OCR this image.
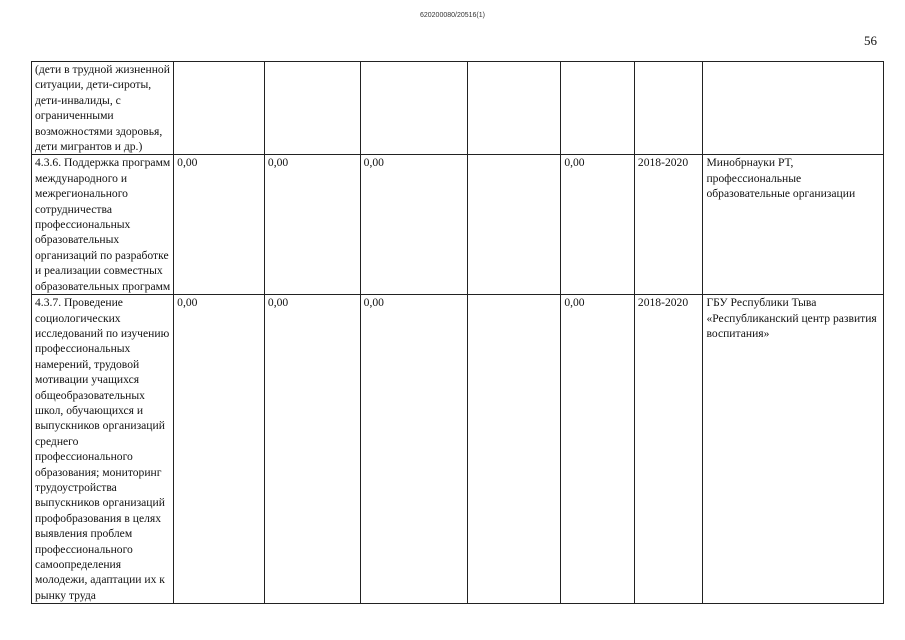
620200080/20516(1)
56
(дети в трудной жизненной ситуации, дети-сироты, дети-инвалиды, с ограниченными возможностями здоровья, дети мигрантов и др.)							
4.3.6. Поддержка программ международного и межрегионального сотрудничества профессиональных образовательных организаций по разработке и реализации совместных образовательных программ	0,00	0,00	0,00		0,00	2018-2020	Минобрнауки РТ, профессиональные образовательные организации
4.3.7. Проведение социологических исследований по изучению профессиональных намерений, трудовой мотивации учащихся общеобразовательных школ, обучающихся и выпускников организаций среднего профессионального образования; мониторинг трудоустройства выпускников организаций профобразования в целях выявления проблем профессионального самоопределения молодежи, адаптации их к рынку труда	0,00	0,00	0,00		0,00	2018-2020	ГБУ Республики Тыва «Республиканский центр развития воспитания»
